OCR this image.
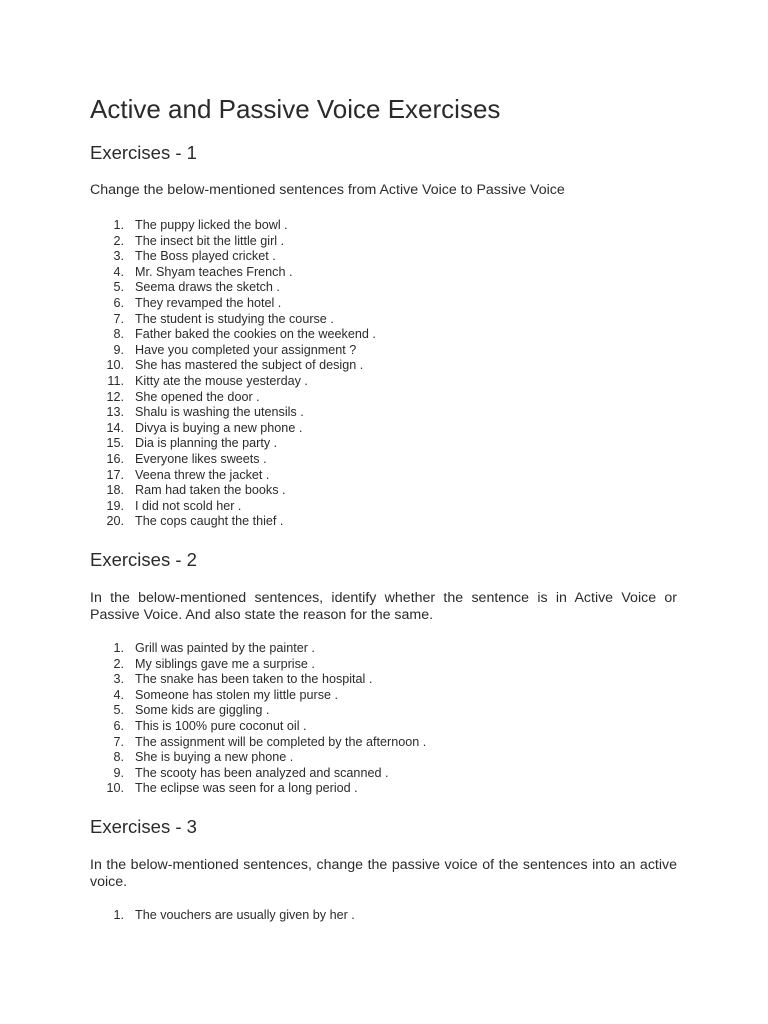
Active and Passive Voice Exercises
Exercises - 1

Change the below-mentioned sentences from Active Voice to Passive Voice

1. The puppy licked the bowl .
2. The insect bit the little girl .
3. The Boss played cricket .
4. Mr. Shyam teaches French .
5. Seema draws the sketch .
6. They revamped the hotel .
7. The student is studying the course .
8. Father baked the cookies on the weekend .
9. Have you completed your assignment ?
10. She has mastered the subject of design .
11. Kitty ate the mouse yesterday .
12. She opened the door .
13. Shalu is washing the utensils .
14. Divya is buying a new phone .
15. Dia is planning the party .
16. Everyone likes sweets .
17. Veena threw the jacket .
18. Ram had taken the books .
19. I did not scold her .
20. The cops caught the thief .
Exercises - 2

In the below-mentioned sentences, identify whether the sentence is in Active Voice or Passive Voice. And also state the reason for the same.

1. Grill was painted by the painter .
2. My siblings gave me a surprise .
3. The snake has been taken to the hospital .
4. Someone has stolen my little purse .
5. Some kids are giggling .
6. This is 100% pure coconut oil .
7. The assignment will be completed by the afternoon .
8. She is buying a new phone .
9. The scooty has been analyzed and scanned .
10. The eclipse was seen for a long period .
Exercises - 3

In the below-mentioned sentences, change the passive voice of the sentences into an active voice.

1. The vouchers are usually given by her .
